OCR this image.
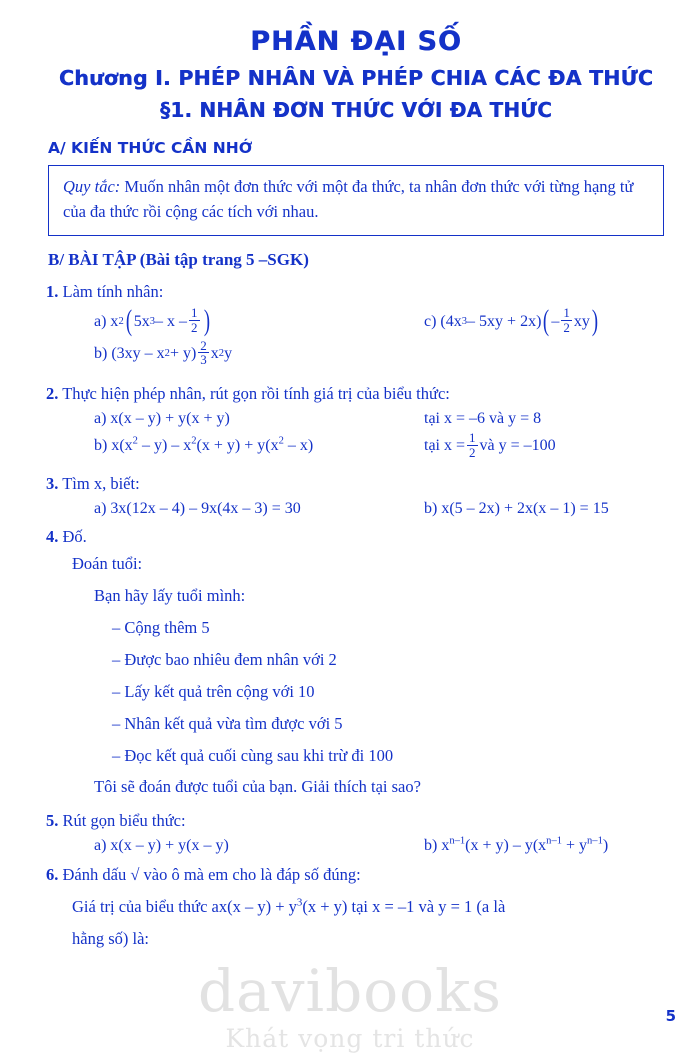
davibooks
Khát vọng tri thức
PHẦN ĐẠI SỐ
Chương I. PHÉP NHÂN VÀ PHÉP CHIA CÁC ĐA THỨC
§1. NHÂN ĐƠN THỨC VỚI ĐA THỨC
A/ KIẾN THỨC CẦN NHỚ
Quy tắc: Muốn nhân một đơn thức với một đa thức, ta nhân đơn thức với từng hạng tử của đa thức rồi cộng các tích với nhau.
B/ BÀI TẬP (Bài tập trang 5 –SGK)
1. Làm tính nhân:
a) x 2 ( 5x 3 – x – $\frac{1}{2}$ )	c) (4x 3 – 5xy + 2x) ( – $\frac{1}{2}$ xy )
b) (3xy – x $2 + y) \frac{2}{3}$ x 2 y
2. Thực hiện phép nhân, rút gọn rồi tính giá trị của biểu thức:
a) x(x – y) + y(x + y)	tại x = –6 và y = 8
b) $x(x^2 - y) - x^2(x + y) + y(x^2 - x)$	tại $x = \frac{1}{2}$ và y = –100
3. Tìm x, biết:
a) 3x(12x – 4) – 9x(4x – 3) = 30	b) x(5 – 2x) + 2x(x – 1) = 15
4. Đố.
Đoán tuổi:
Bạn hãy lấy tuổi mình:
– Cộng thêm 5
– Được bao nhiêu đem nhân với 2
– Lấy kết quả trên cộng với 10
– Nhân kết quả vừa tìm được với 5
– Đọc kết quả cuối cùng sau khi trừ đi 100
Tôi sẽ đoán được tuổi của bạn. Giải thích tại sao?
5. Rút gọn biểu thức:
a) x(x – y) + y(x – y)	b) $x^{n-1}(x + y) - y(x^{n-1} + y^{n-1})$
6. Đánh dấu √ vào ô mà em cho là đáp số đúng:
Giá trị của biểu thức $ax(x - y) + y^3(x + y)$ tại x = –1 và y = 1 (a là
hằng số) là:
5
